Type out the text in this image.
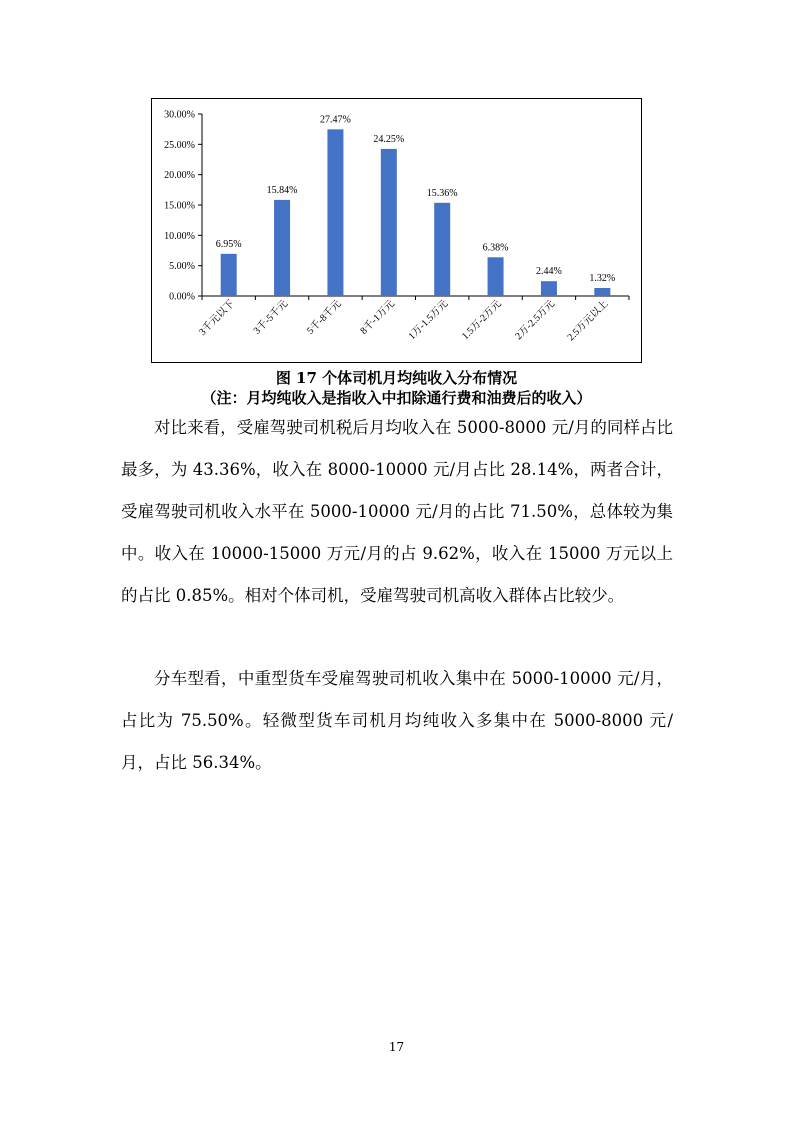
0.00%
5.00%
10.00%
15.00%
20.00%
25.00%
30.00%
6.95%
3千元以下
15.84%
3千-5千元
27.47%
5千-8千元
24.25%
8千-1万元
15.36%
1万-1.5万元
6.38%
1.5万-2万元
2.44%
2万-2.5万元
1.32%
2.5万元以上
图 17 个体司机月均纯收入分布情况
（注：月均纯收入是指收入中扣除通行费和油费后的收入）

对比来看，受雇驾驶司机税后月均收入在 5000-8000 元/月的同样占比最多，为 43.36%，收入在 8000-10000 元/月占比 28.14%，两者合计，受雇驾驶司机收入水平在 5000-10000 元/月的占比 71.50%，总体较为集中。收入在 10000-15000 万元/月的占 9.62%，收入在 15000 万元以上的占比 0.85%。相对个体司机，受雇驾驶司机高收入群体占比较少。

分车型看，中重型货车受雇驾驶司机收入集中在 5000-10000 元/月，占比为 75.50%。轻微型货车司机月均纯收入多集中在 5000-8000 元/月，占比 56.34%。

17
